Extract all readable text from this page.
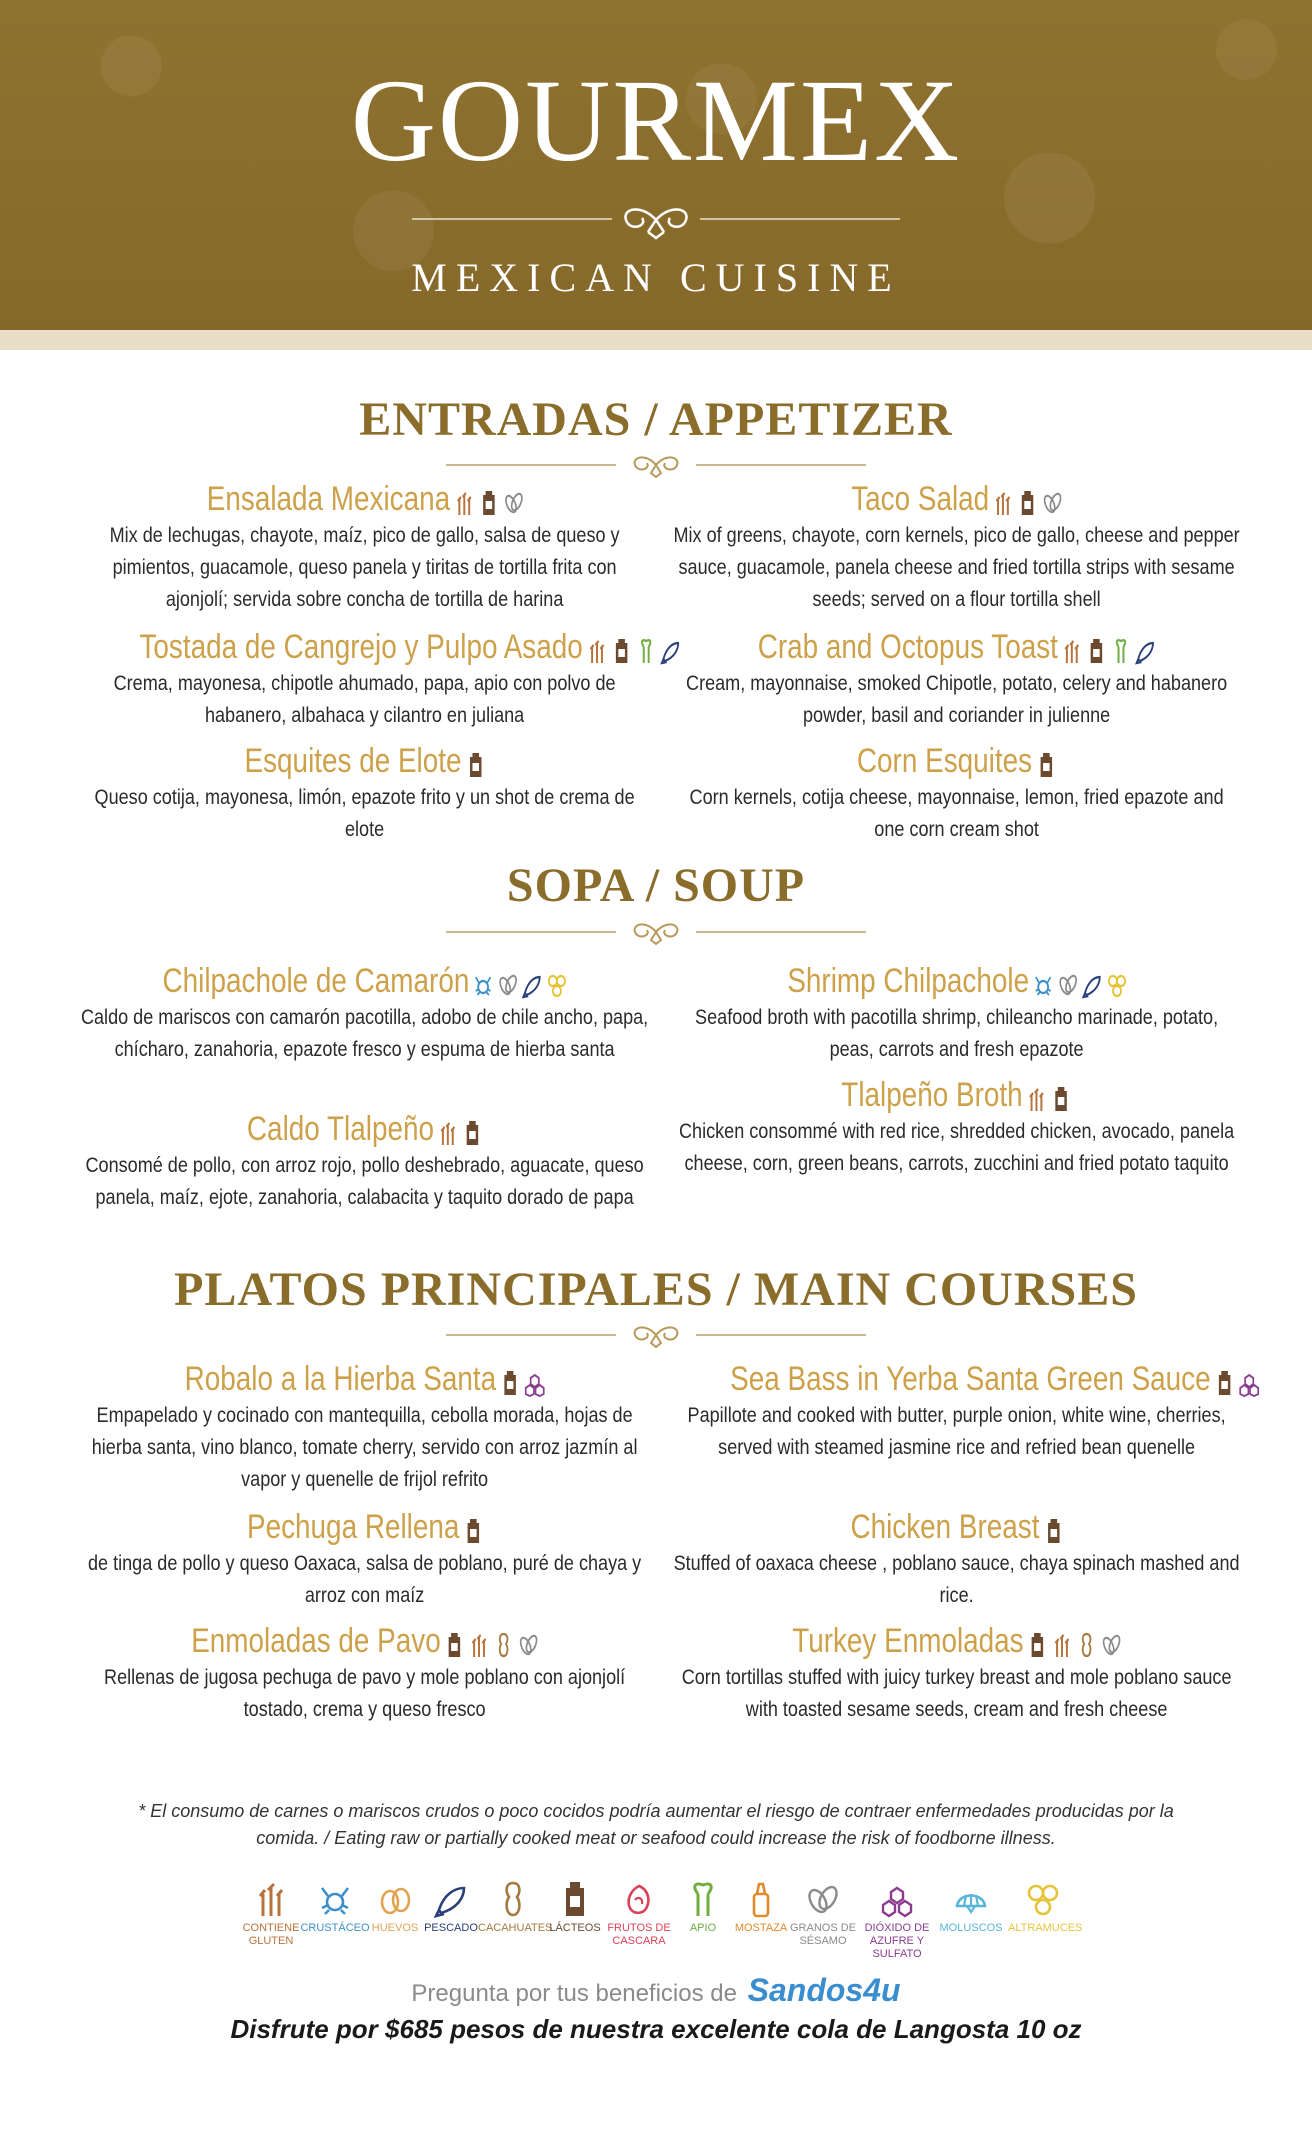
GOURMEX
MEXICAN CUISINE
ENTRADAS / APPETIZER
Ensalada Mexicana
Mix de lechugas, chayote, maíz, pico de gallo, salsa de queso y pimientos, guacamole, queso panela y tiritas de tortilla frita con ajonjolí; servida sobre concha de tortilla de harina
Tostada de Cangrejo y Pulpo Asado
Crema, mayonesa, chipotle ahumado, papa, apio con polvo de habanero, albahaca y cilantro en juliana
Esquites de Elote
Queso cotija, mayonesa, limón, epazote frito y un shot de crema de elote
Taco Salad
Mix of greens, chayote, corn kernels, pico de gallo, cheese and pepper sauce, guacamole, panela cheese and fried tortilla strips with sesame seeds; served on a flour tortilla shell
Crab and Octopus Toast
Cream, mayonnaise, smoked Chipotle, potato, celery and habanero powder, basil and coriander in julienne
Corn Esquites
Corn kernels, cotija cheese, mayonnaise, lemon, fried epazote and one corn cream shot
SOPA / SOUP
Chilpachole de Camarón
Caldo de mariscos con camarón pacotilla, adobo de chile ancho, papa, chícharo, zanahoria, epazote fresco y espuma de hierba santa
Caldo Tlalpeño
Consomé de pollo, con arroz rojo, pollo deshebrado, aguacate, queso panela, maíz, ejote, zanahoria, calabacita y taquito dorado de papa
Shrimp Chilpachole
Seafood broth with pacotilla shrimp, chileancho marinade, potato, peas, carrots and fresh epazote
Tlalpeño Broth
Chicken consommé with red rice, shredded chicken, avocado, panela cheese, corn, green beans, carrots, zucchini and fried potato taquito
PLATOS PRINCIPALES / MAIN COURSES
Robalo a la Hierba Santa
Empapelado y cocinado con mantequilla, cebolla morada, hojas de hierba santa, vino blanco, tomate cherry, servido con arroz jazmín al vapor y quenelle de frijol refrito
Pechuga Rellena
de tinga de pollo y queso Oaxaca, salsa de poblano, puré de chaya y arroz con maíz
Enmoladas de Pavo
Rellenas de jugosa pechuga de pavo y mole poblano con ajonjolí tostado, crema y queso fresco
Sea Bass in Yerba Santa Green Sauce
Papillote and cooked with butter, purple onion, white wine, cherries, served with steamed jasmine rice and refried bean quenelle
Chicken Breast
Stuffed of oaxaca cheese , poblano sauce, chaya spinach mashed and rice.
Turkey Enmoladas
Corn tortillas stuffed with juicy turkey breast and mole poblano sauce with toasted sesame seeds, cream and fresh cheese
* El consumo de carnes o mariscos crudos o poco cocidos podría aumentar el riesgo de contraer enfermedades producidas por la comida. / Eating raw or partially cooked meat or seafood could increase the risk of foodborne illness.
CONTIENE GLUTEN
CRUSTÁCEO HUEVOS PESCADO CACAHUATES
LÁCTEOS FRUTOS DE CASCARA
APIO	MOSTAZA GRANOS DE SÉSAMO
DIÓXIDO DE AZUFRE Y SULFATO
MOLUSCOS ALTRAMUCES
Pregunta por tus beneficios de Sandos4u
Disfrute por $685 pesos de nuestra excelente cola de Langosta 10 oz
